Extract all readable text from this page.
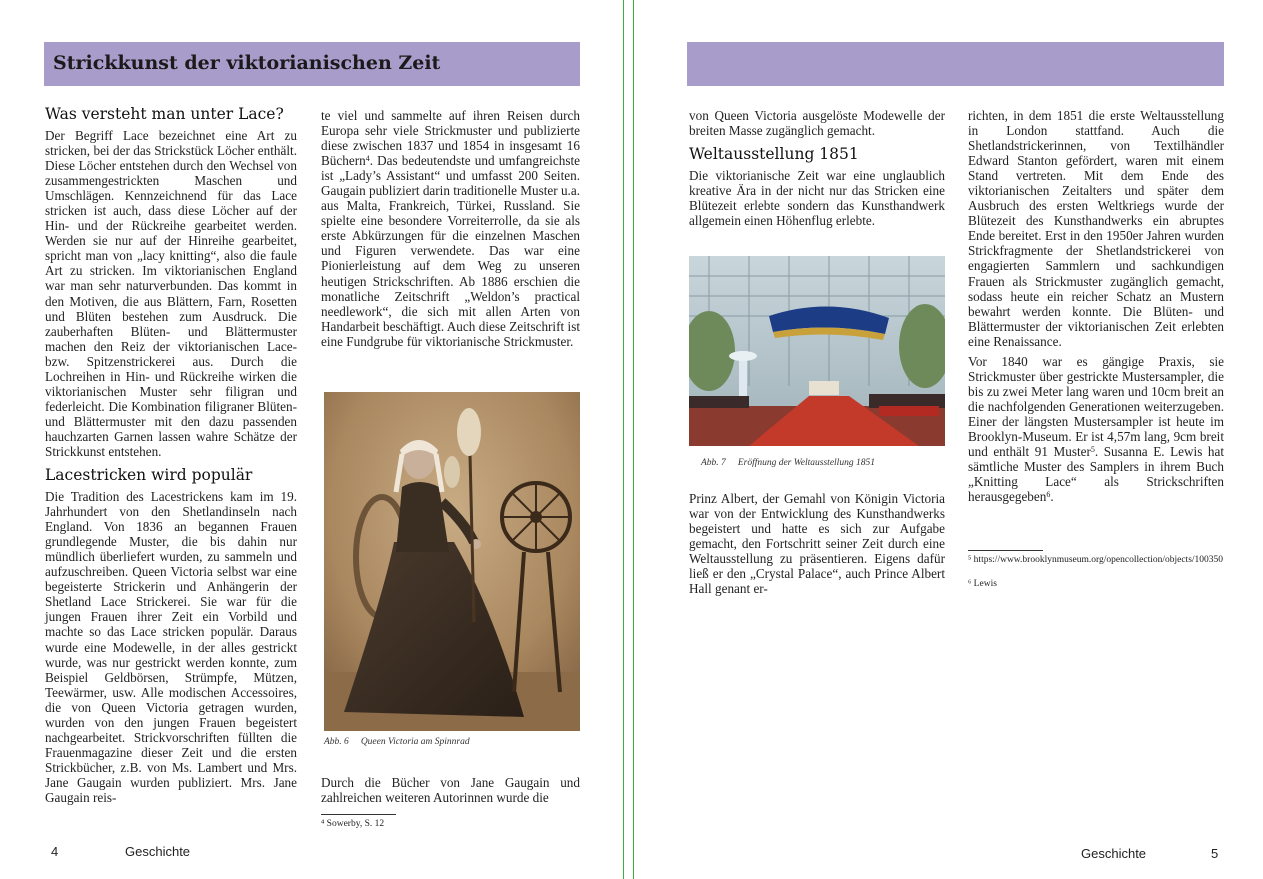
Strickkunst der viktorianischen Zeit
Was versteht man unter Lace?

Der Begriff Lace bezeichnet eine Art zu stricken, bei der das Strickstück Löcher enthält. Diese Löcher entstehen durch den Wechsel von zusammengestrickten Maschen und Umschlägen. Kennzeichnend für das Lace stricken ist auch, dass diese Löcher auf der Hin- und der Rückreihe gearbeitet werden. Werden sie nur auf der Hinreihe gearbeitet, spricht man von „lacy knitting“, also die faule Art zu stricken. Im viktorianischen England war man sehr naturverbunden. Das kommt in den Motiven, die aus Blättern, Farn, Rosetten und Blüten bestehen zum Ausdruck. Die zauberhaften Blüten- und Blättermuster machen den Reiz der viktorianischen Lace- bzw. Spitzenstrickerei aus. Durch die Lochreihen in Hin- und Rückreihe wirken die viktorianischen Muster sehr filigran und federleicht. Die Kombination filigraner Blüten- und Blättermuster mit den dazu passenden hauchzarten Garnen lassen wahre Schätze der Strickkunst entstehen.

Lacestricken wird populär

Die Tradition des Lacestrickens kam im 19. Jahrhundert von den Shetlandinseln nach England. Von 1836 an begannen Frauen grundlegende Muster, die bis dahin nur mündlich überliefert wurden, zu sammeln und aufzuschreiben. Queen Victoria selbst war eine begeisterte Strickerin und Anhängerin der Shetland Lace Strickerei. Sie war für die jungen Frauen ihrer Zeit ein Vorbild und machte so das Lace stricken populär. Daraus wurde eine Modewelle, in der alles gestrickt wurde, was nur gestrickt werden konnte, zum Beispiel Geldbörsen, Strümpfe, Mützen, Teewärmer, usw. Alle modischen Accessoires, die von Queen Victoria getragen wurden, wurden von den jungen Frauen begeistert nachgearbeitet. Strickvorschriften füllten die Frauenmagazine dieser Zeit und die ersten Strickbücher, z.B. von Ms. Lambert und Mrs. Jane Gaugain wurden publiziert. Mrs. Jane Gaugain reis-

te viel und sammelte auf ihren Reisen durch Europa sehr viele Strickmuster und publizierte diese zwischen 1837 und 1854 in insgesamt 16 Büchern$^4$. Das bedeutendste und umfangreichste ist „Lady’s Assistant“ und umfasst 200 Seiten. Gaugain publiziert darin traditionelle Muster u.a. aus Malta, Frankreich, Türkei, Russland. Sie spielte eine besondere Vorreiterrolle, da sie als erste Abkürzungen für die einzelnen Maschen und Figuren verwendete. Das war eine Pionierleistung auf dem Weg zu unseren heutigen Strickschriften. Ab 1886 erschien die monatliche Zeitschrift „Weldon’s practical needlework“, die sich mit allen Arten von Handarbeit beschäftigt. Auch diese Zeitschrift ist eine Fundgrube für viktorianische Strickmuster.

Abb. 6 Queen Victoria am Spinnrad

Durch die Bücher von Jane Gaugain und zahlreichen weiteren Autorinnen wurde die

⁴ Sowerby, S. 12
4	Geschichte

von Queen Victoria ausgelöste Modewelle der breiten Masse zugänglich gemacht.

Weltausstellung 1851

Die viktorianische Zeit war eine unglaublich kreative Ära in der nicht nur das Stricken eine Blütezeit erlebte sondern das Kunsthandwerk allgemein einen Höhenflug erlebte.

Abb. 7 Eröffnung der Weltausstellung 1851

Prinz Albert, der Gemahl von Königin Victoria war von der Entwicklung des Kunsthandwerks begeistert und hatte es sich zur Aufgabe gemacht, den Fortschritt seiner Zeit durch eine Weltausstellung zu präsentieren. Eigens dafür ließ er den „Crystal Palace“, auch Prince Albert Hall genant er-

richten, in dem 1851 die erste Weltausstellung in London stattfand. Auch die Shetlandstrickerinnen, von Textilhändler Edward Stanton gefördert, waren mit einem Stand vertreten. Mit dem Ende des viktorianischen Zeitalters und später dem Ausbruch des ersten Weltkriegs wurde der Blütezeit des Kunsthandwerks ein abruptes Ende bereitet. Erst in den 1950er Jahren wurden Strickfragmente der Shetlandstrickerei von engagierten Sammlern und sachkundigen Frauen als Strickmuster zugänglich gemacht, sodass heute ein reicher Schatz an Mustern bewahrt werden konnte. Die Blüten- und Blättermuster der viktorianischen Zeit erlebten eine Renaissance.

Vor 1840 war es gängige Praxis, sie Strickmuster über gestrickte Mustersampler, die bis zu zwei Meter lang waren und 10cm breit an die nachfolgenden Generationen weiterzugeben. Einer der längsten Mustersampler ist heute im Brooklyn-Museum. Er ist 4,57m lang, 9cm breit und enthält 91 Muster$^5$. Susanna E. Lewis hat sämtliche Muster des Samplers in ihrem Buch „Knitting Lace“ als Strickschriften herausgegeben$^6$.

⁵ https://www.brooklynmuseum.org/opencollection/objects/100350
⁶ Lewis
Geschichte	5
